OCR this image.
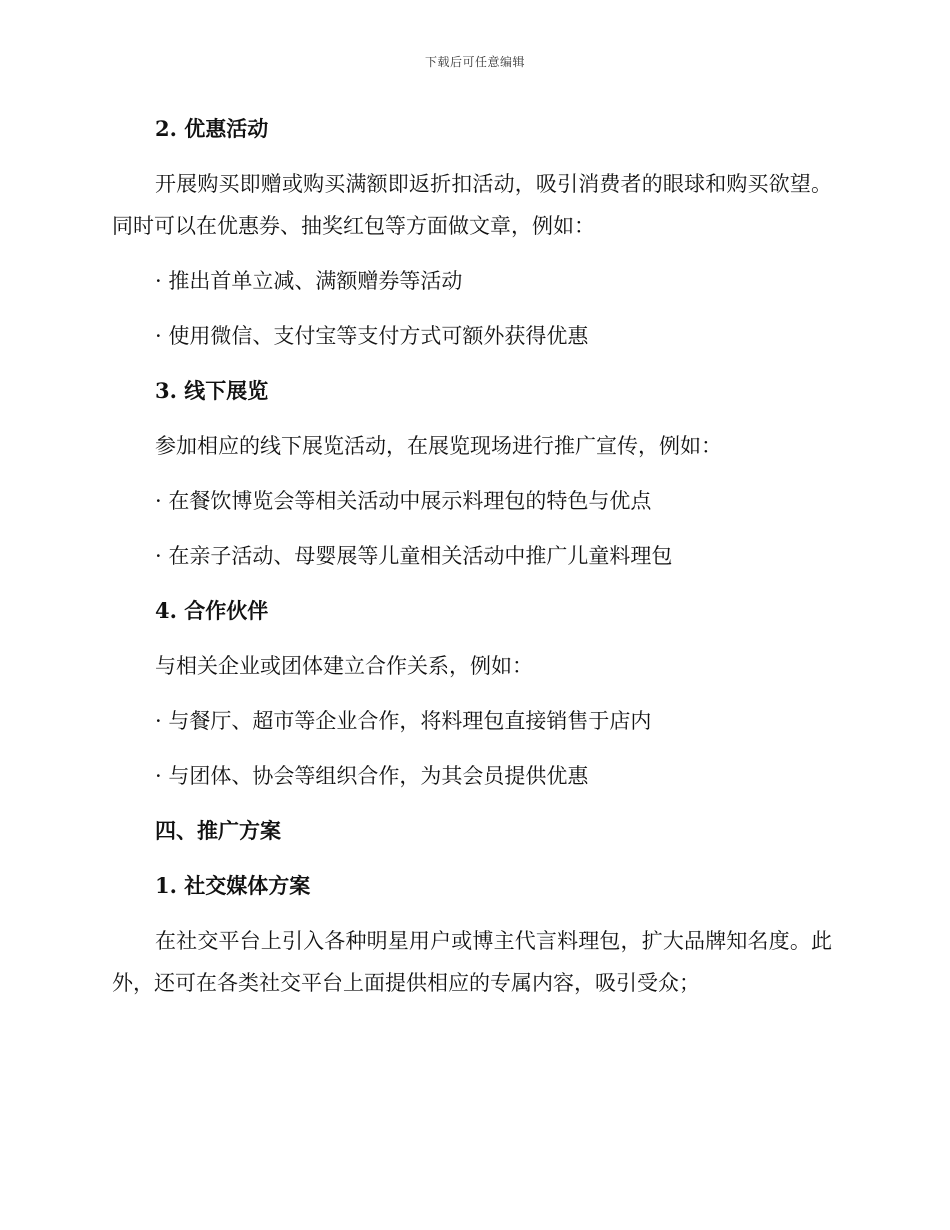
下载后可任意编辑

2. 优惠活动

开展购买即赠或购买满额即返折扣活动，吸引消费者的眼球和购买欲望。同时可以在优惠券、抽奖红包等方面做文章，例如：

· 推出首单立减、满额赠券等活动

· 使用微信、支付宝等支付方式可额外获得优惠

3. 线下展览

参加相应的线下展览活动，在展览现场进行推广宣传，例如：

· 在餐饮博览会等相关活动中展示料理包的特色与优点

· 在亲子活动、母婴展等儿童相关活动中推广儿童料理包

4. 合作伙伴

与相关企业或团体建立合作关系，例如：

· 与餐厅、超市等企业合作，将料理包直接销售于店内

· 与团体、协会等组织合作，为其会员提供优惠

四、推广方案

1. 社交媒体方案

在社交平台上引入各种明星用户或博主代言料理包，扩大品牌知名度。此外，还可在各类社交平台上面提供相应的专属内容，吸引受众；
